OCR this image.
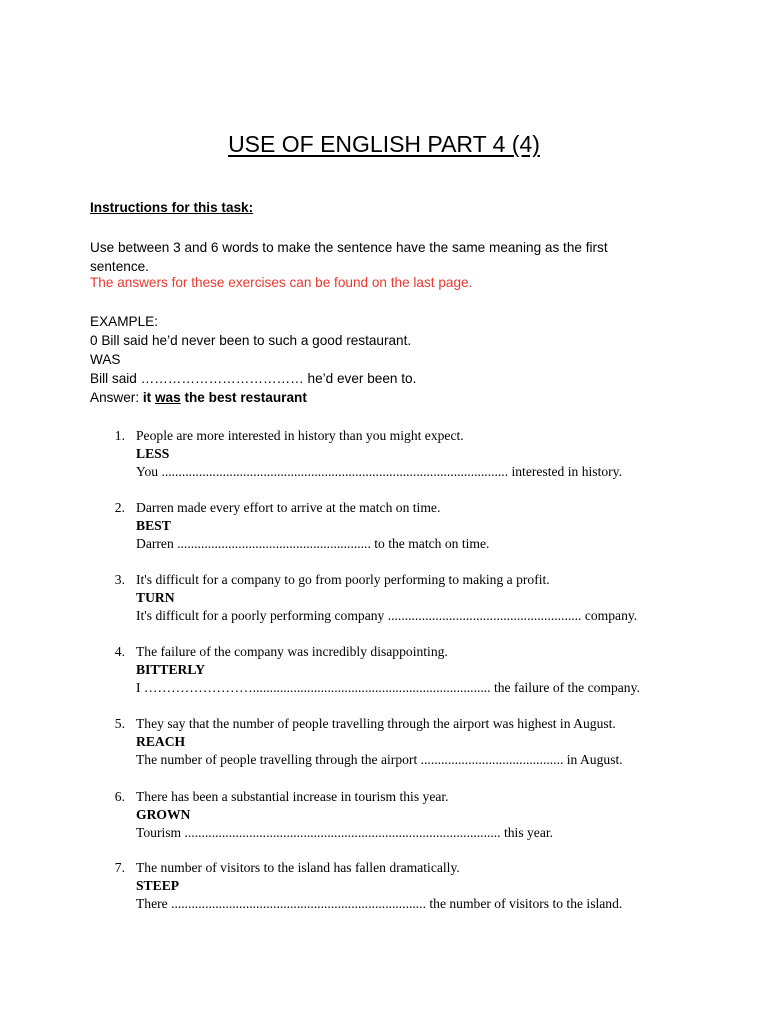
USE OF ENGLISH PART 4 (4)
Instructions for this task:
Use between 3 and 6 words to make the sentence have the same meaning as the first sentence.
The answers for these exercises can be found on the last page.
EXAMPLE:
0 Bill said he’d never been to such a good restaurant.
WAS
Bill said ……………………………… he’d ever been to.
Answer: it was the best restaurant
1. People are more interested in history than you might expect.
LESS
You ...................................................................................................... interested in history.
2. Darren made every effort to arrive at the match on time.
BEST
Darren ......................................................... to the match on time.
3. It's difficult for a company to go from poorly performing to making a profit.
TURN
It's difficult for a poorly performing company ......................................................... company.
4. The failure of the company was incredibly disappointing.
BITTERLY
I ……………………...................................................................... the failure of the company.
5. They say that the number of people travelling through the airport was highest in August.
REACH
The number of people travelling through the airport .......................................... in August.
6. There has been a substantial increase in tourism this year.
GROWN
Tourism ............................................................................................. this year.
7. The number of visitors to the island has fallen dramatically.
STEEP
There ........................................................................... the number of visitors to the island.
